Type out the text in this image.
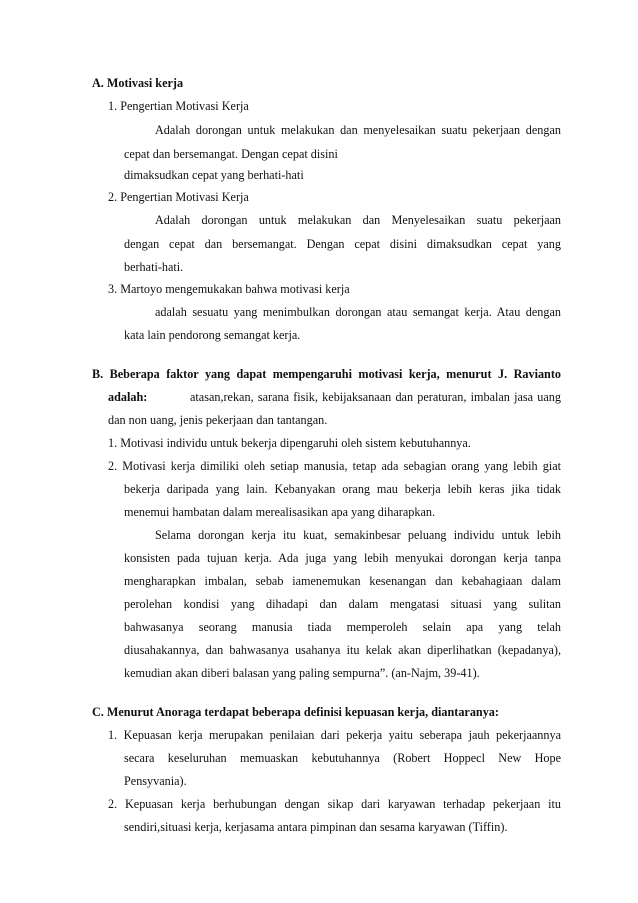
A. Motivasi kerja
1. Pengertian Motivasi Kerja
Adalah dorongan untuk melakukan dan menyelesaikan suatu pekerjaan dengan
cepat dan bersemangat. Dengan cepat disini
dimaksudkan cepat yang berhati-hati
2. Pengertian Motivasi Kerja
Adalah dorongan untuk melakukan dan Menyelesaikan suatu pekerjaan
dengan cepat dan bersemangat. Dengan cepat disini dimaksudkan cepat yang
berhati-hati.
3. Martoyo mengemukakan bahwa motivasi kerja
adalah sesuatu yang menimbulkan dorongan atau semangat kerja. Atau dengan
kata lain pendorong semangat kerja.
B. Beberapa faktor yang dapat mempengaruhi motivasi kerja, menurut J. Ravianto
adalah:	atasan,rekan, sarana fisik, kebijaksanaan dan peraturan, imbalan jasa uang
dan non uang, jenis pekerjaan dan tantangan.
1. Motivasi individu untuk bekerja dipengaruhi oleh sistem kebutuhannya.
2. Motivasi kerja dimiliki oleh setiap manusia, tetap ada sebagian orang yang lebih giat
bekerja daripada yang lain. Kebanyakan orang mau bekerja lebih keras jika tidak
menemui hambatan dalam merealisasikan apa yang diharapkan.
Selama dorongan kerja itu kuat, semakinbesar peluang individu untuk lebih
konsisten pada tujuan kerja. Ada juga yang lebih menyukai dorongan kerja tanpa
mengharapkan imbalan, sebab iamenemukan kesenangan dan kebahagiaan dalam
perolehan kondisi yang dihadapi dan dalam mengatasi situasi yang sulitan
bahwasanya seorang manusia tiada memperoleh selain apa yang telah
diusahakannya, dan bahwasanya usahanya itu kelak akan diperlihatkan (kepadanya),
kemudian akan diberi balasan yang paling sempurna”. (an-Najm, 39-41).
C. Menurut Anoraga terdapat beberapa definisi kepuasan kerja, diantaranya:
1. Kepuasan kerja merupakan penilaian dari pekerja yaitu seberapa jauh pekerjaannya
secara keseluruhan memuaskan kebutuhannya (Robert Hoppecl New Hope
Pensyvania).
2. Kepuasan kerja berhubungan dengan sikap dari karyawan terhadap pekerjaan itu
sendiri,situasi kerja, kerjasama antara pimpinan dan sesama karyawan (Tiffin).
